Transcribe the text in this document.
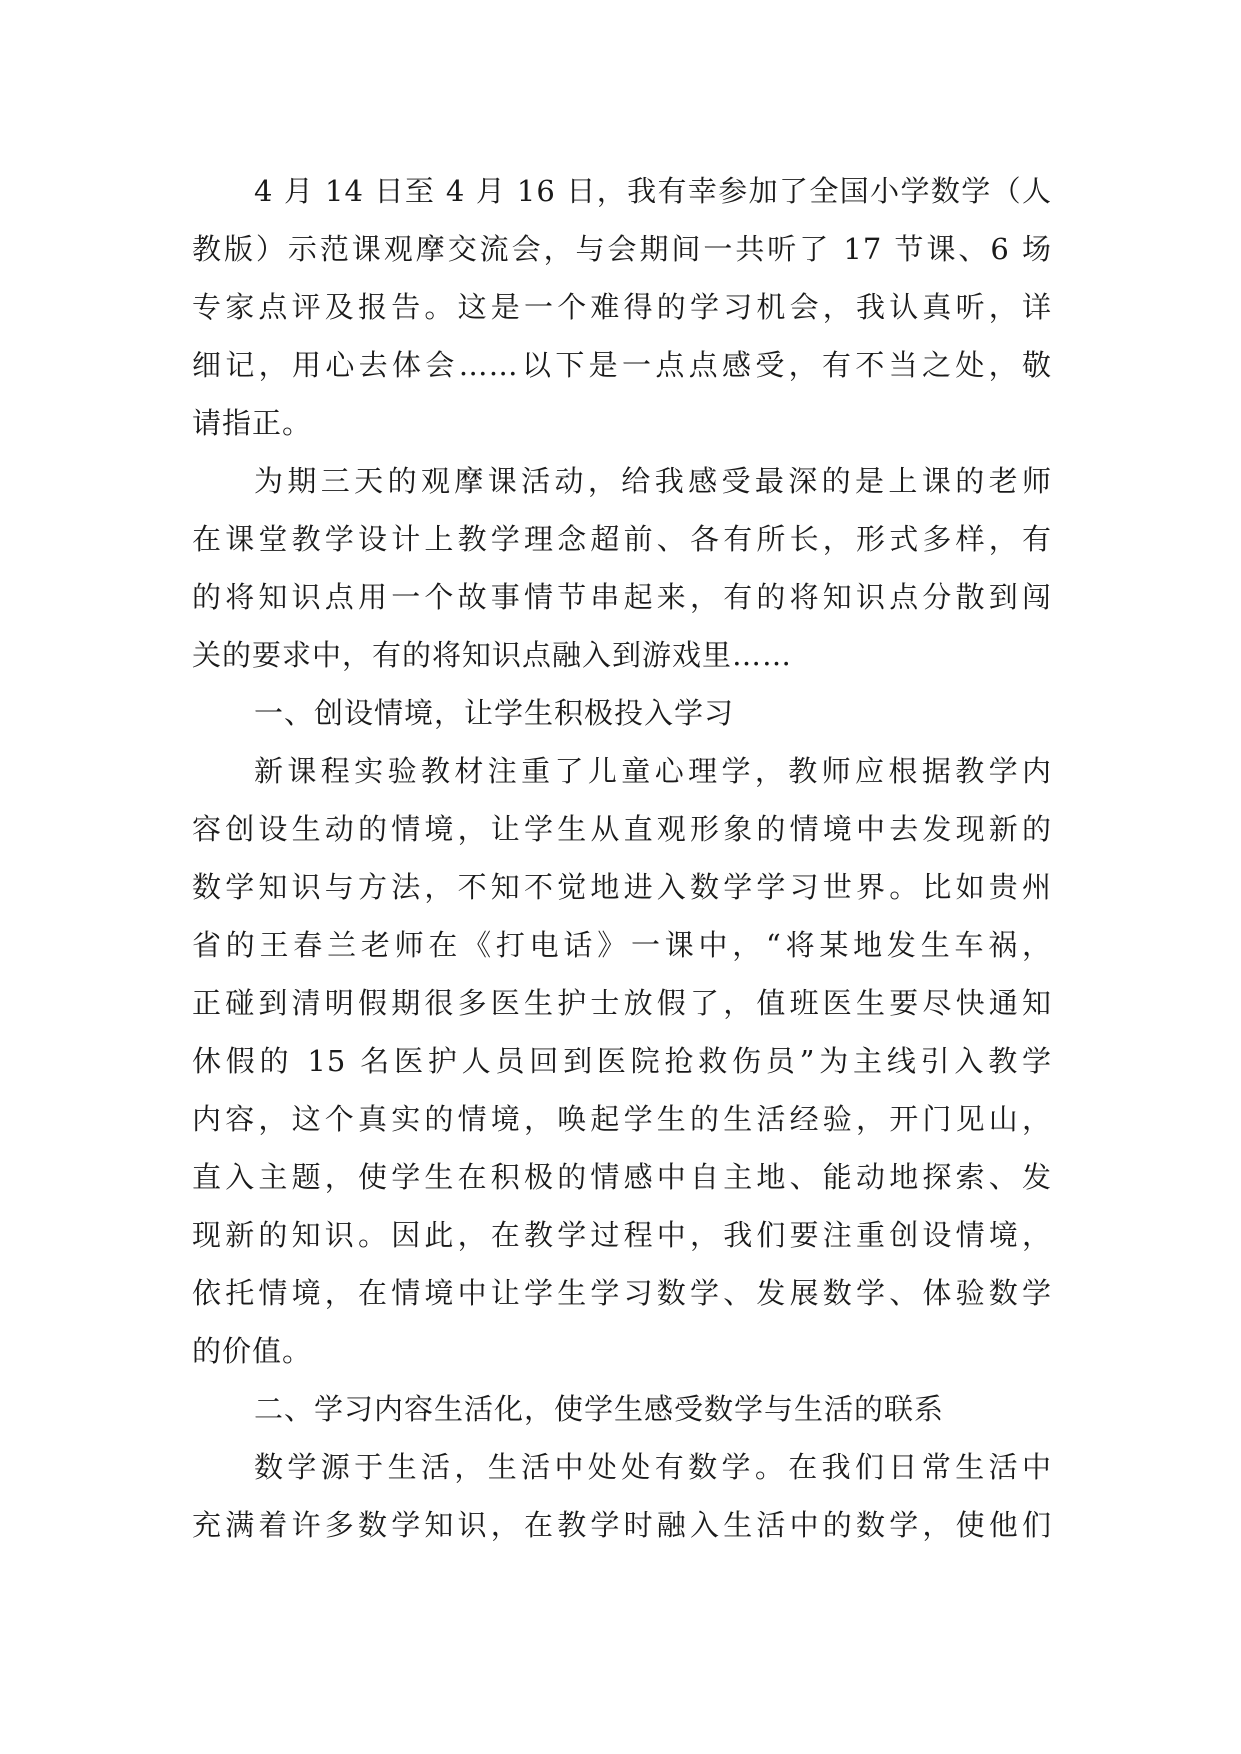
4 月 14 日至 4 月 16 日，我有幸参加了全国小学数学（人
教版）示范课观摩交流会，与会期间一共听了 17 节课、6 场
专家点评及报告。这是一个难得的学习机会，我认真听，详
细记，用心去体会……以下是一点点感受，有不当之处，敬
请指正。
为期三天的观摩课活动，给我感受最深的是上课的老师
在课堂教学设计上教学理念超前、各有所长，形式多样，有
的将知识点用一个故事情节串起来，有的将知识点分散到闯
关的要求中，有的将知识点融入到游戏里……
一、创设情境，让学生积极投入学习
新课程实验教材注重了儿童心理学，教师应根据教学内
容创设生动的情境，让学生从直观形象的情境中去发现新的
数学知识与方法，不知不觉地进入数学学习世界。比如贵州
省的王春兰老师在《打电话》一课中，“将某地发生车祸，
正碰到清明假期很多医生护士放假了，值班医生要尽快通知
休假的 15 名医护人员回到医院抢救伤员”为主线引入教学
内容，这个真实的情境，唤起学生的生活经验，开门见山，
直入主题，使学生在积极的情感中自主地、能动地探索、发
现新的知识。因此，在教学过程中，我们要注重创设情境，
依托情境，在情境中让学生学习数学、发展数学、体验数学
的价值。
二、学习内容生活化，使学生感受数学与生活的联系
数学源于生活，生活中处处有数学。在我们日常生活中
充满着许多数学知识，在教学时融入生活中的数学，使他们
